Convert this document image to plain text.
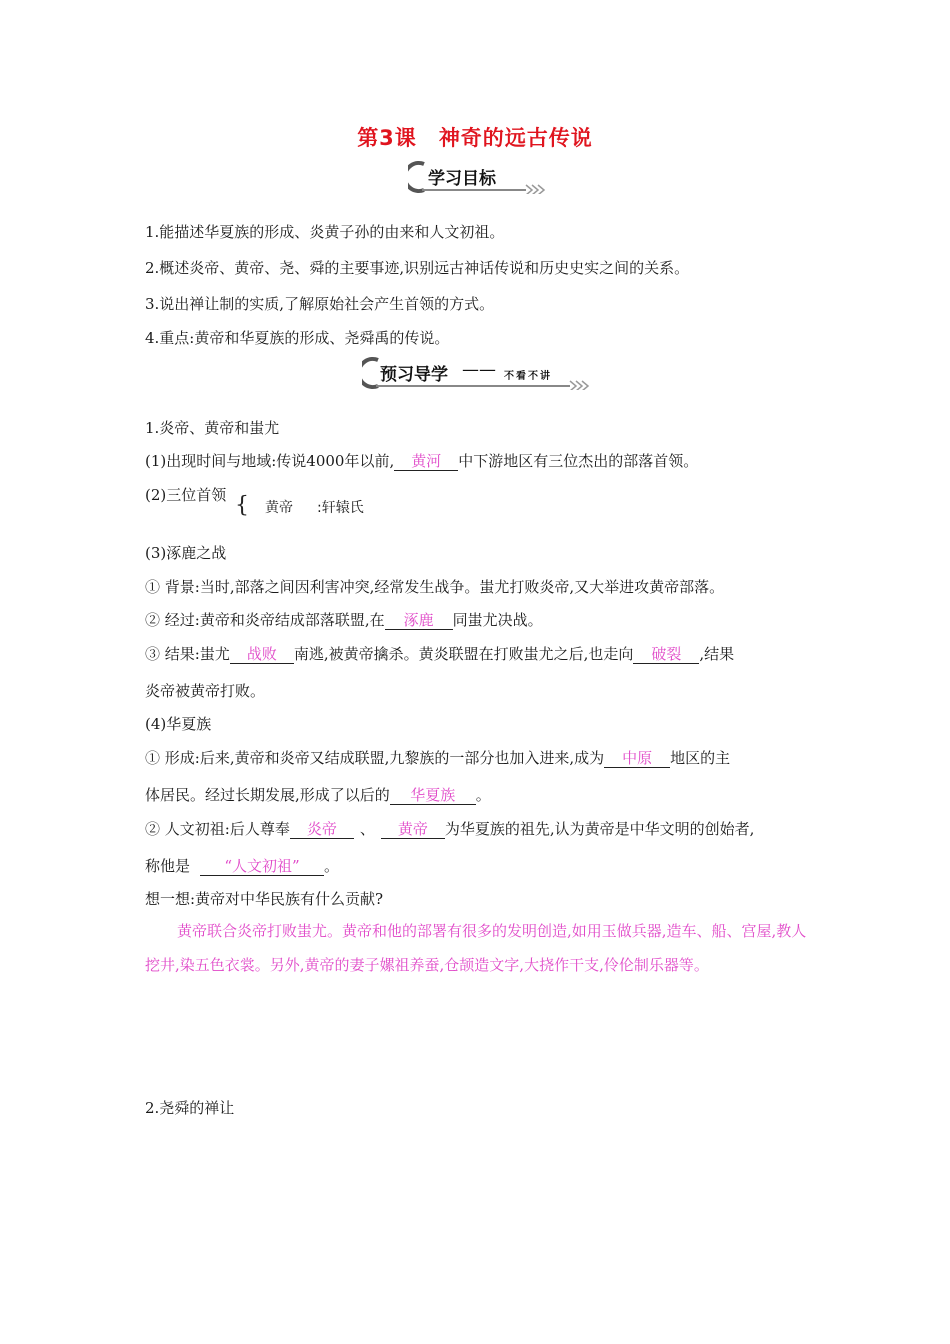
第3课 神奇的远古传说
学习目标
1.能描述华夏族的形成、炎黄子孙的由来和人文初祖。
2.概述炎帝、黄帝、尧、舜的主要事迹,识别远古神话传说和历史史实之间的关系。
3.说出禅让制的实质,了解原始社会产生首领的方式。
4.重点:黄帝和华夏族的形成、尧舜禹的传说。
预习导学 —— 不看不讲
1.炎帝、黄帝和蚩尤
(1)出现时间与地域:传说4000年以前, 黄河 中下游地区有三位杰出的部落首领。
(2)三位首领 { 黄帝 :轩辕氏
(3)涿鹿之战
① 背景:当时,部落之间因利害冲突,经常发生战争。蚩尤打败炎帝,又大举进攻黄帝部落。
② 经过:黄帝和炎帝结成部落联盟,在 涿鹿 同蚩尤决战。
③ 结果:蚩尤 战败 南逃,被黄帝擒杀。黄炎联盟在打败蚩尤之后,也走向 破裂 ,结果
炎帝被黄帝打败。
(4)华夏族
① 形成:后来,黄帝和炎帝又结成联盟,九黎族的一部分也加入进来,成为 中原 地区的主
体居民。经过长期发展,形成了以后的 华夏族 。
② 人文初祖:后人尊奉 炎帝 、 黄帝 为华夏族的祖先,认为黄帝是中华文明的创始者,
称他是 “人文初祖” 。
想一想:黄帝对中华民族有什么贡献?
黄帝联合炎帝打败蚩尤。黄帝和他的部署有很多的发明创造,如用玉做兵器,造车、船、宫屋,教人挖井,染五色衣裳。另外,黄帝的妻子嫘祖养蚕,仓颉造文字,大挠作干支,伶伦制乐器等。
2.尧舜的禅让
